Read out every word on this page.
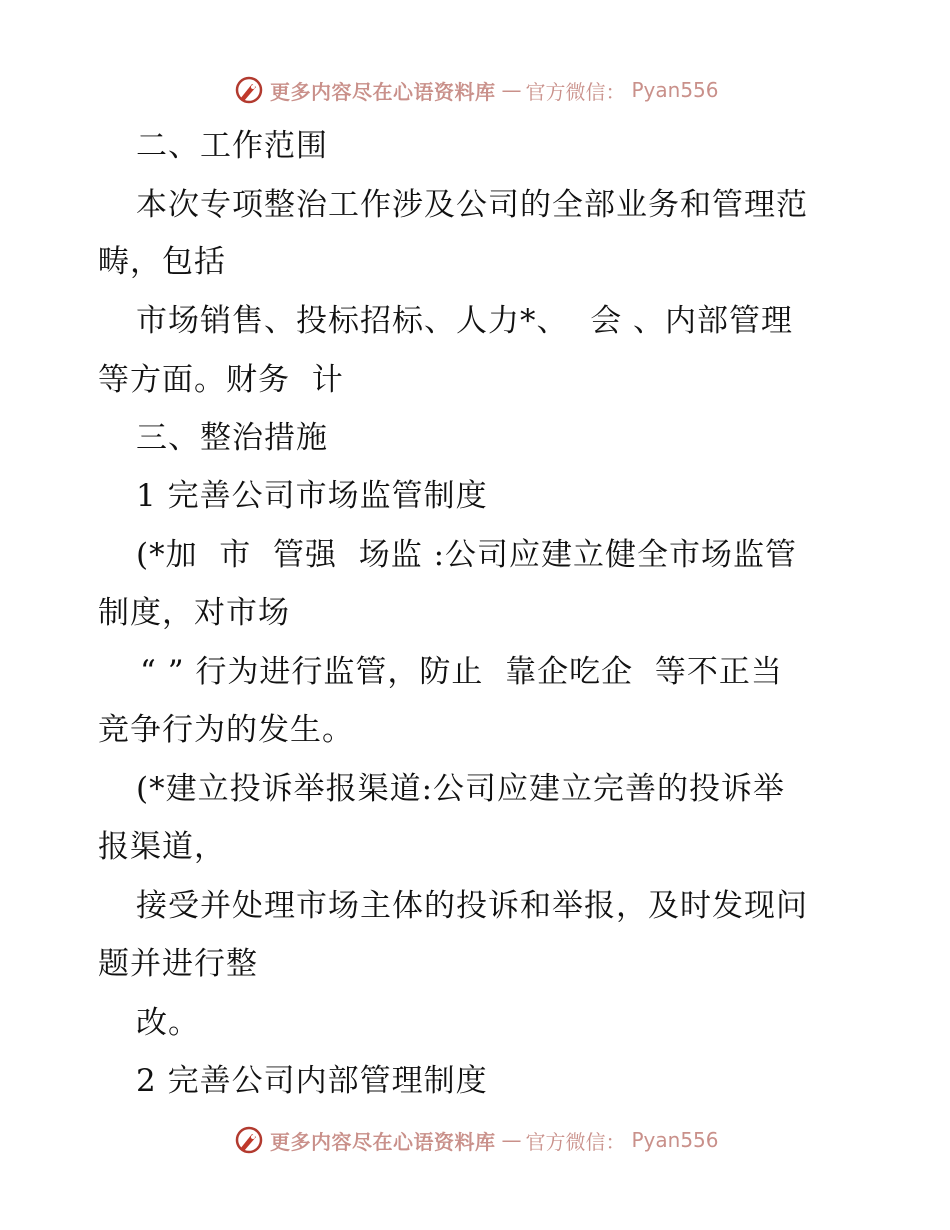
更多内容尽在心语资料库 — 官方微信： Pyan556
二、工作范围
本次专项整治工作涉及公司的全部业务和管理范
畴，包括
市场销售、投标招标、人力*、  会 、内部管理
等方面。财务  计
三、整治措施
1 完善公司市场监管制度
(*加  市  管强  场监 :公司应建立健全市场监管
制度，对市场
“ ” 行为进行监管，防止  靠企吃企  等不正当
竞争行为的发生。
(*建立投诉举报渠道:公司应建立完善的投诉举
报渠道，
接受并处理市场主体的投诉和举报，及时发现问
题并进行整
改。
2 完善公司内部管理制度
更多内容尽在心语资料库 — 官方微信： Pyan556
